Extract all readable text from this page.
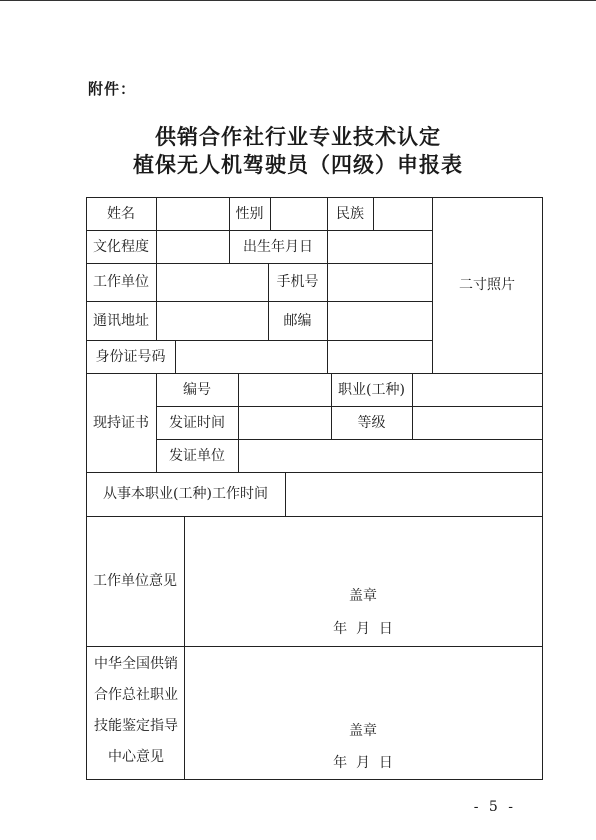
附件：
供销合作社行业专业技术认定
植保无人机驾驶员（四级）申报表
姓名	性别	民族
文化程度	出生年月日
二寸照片
工作单位	手机号
通讯地址	邮编
身份证号码
现持证书
编号	职业(工种)
发证时间	等级
发证单位
从事本职业(工种)工作时间
工作单位意见
盖章
年  月  日
中华全国供销
合作总社职业
技能鉴定指导
中心意见
盖章
年  月  日
- 5 -
